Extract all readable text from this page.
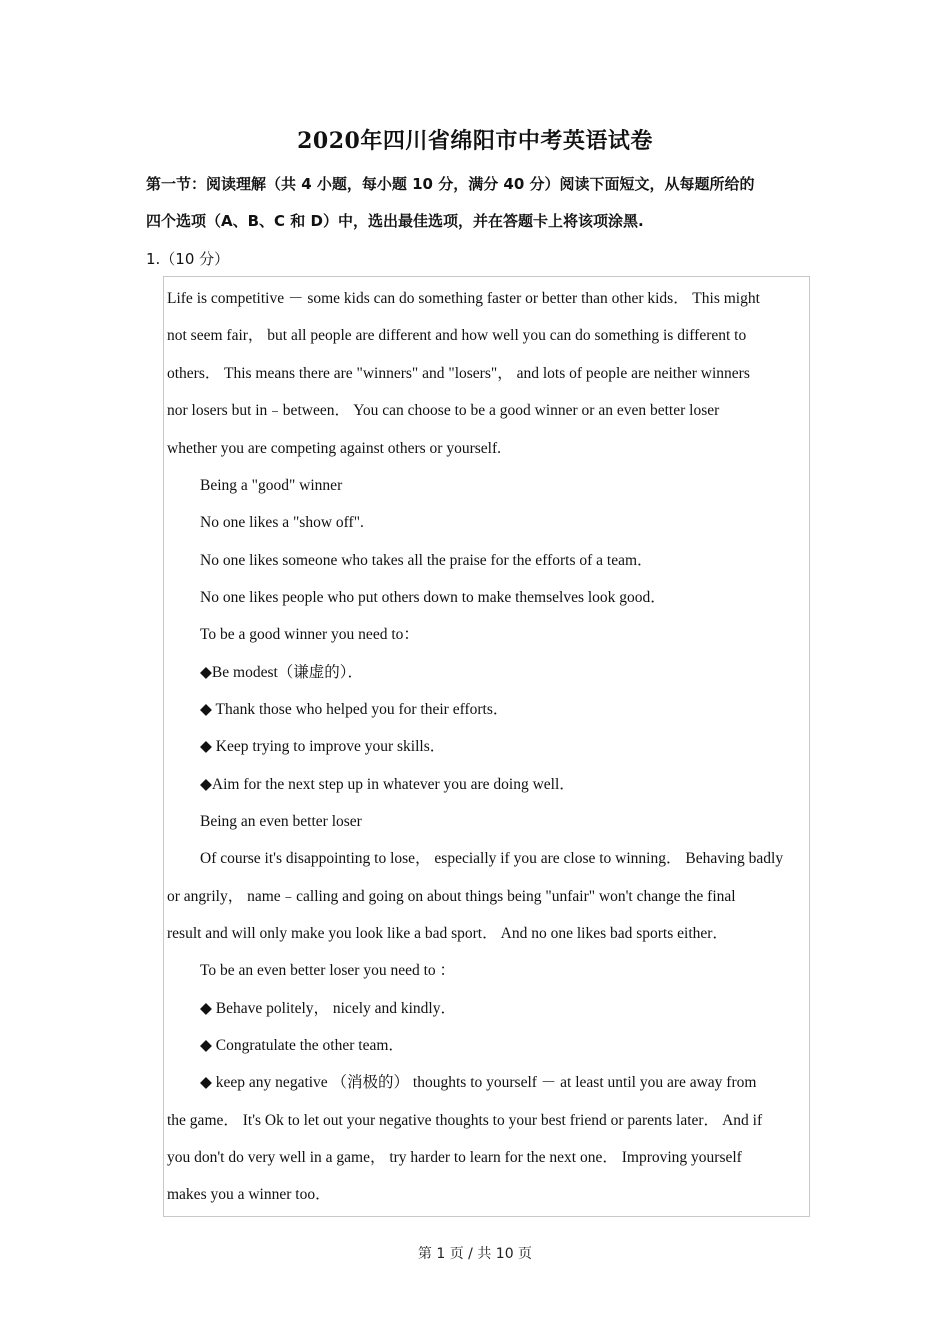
2020年四川省绵阳市中考英语试卷
第一节：阅读理解（共 4 小题，每小题 10 分，满分 40 分）阅读下面短文，从每题所给的
四个选项（A、B、C 和 D）中，选出最佳选项，并在答题卡上将该项涂黑.
1.（10 分）
Life is competitive － some kids can do something faster or better than other kids． This might
not seem fair， but all people are different and how well you can do something is different to
others． This means there are "winners" and "losers"， and lots of people are neither winners
nor losers but in﹣between． You can choose to be a good winner or an even better loser
whether you are competing against others or yourself.
Being a "good" winner
No one likes a "show off".
No one likes someone who takes all the praise for the efforts of a team．
No one likes people who put others down to make themselves look good．
To be a good winner you need to：
◆Be modest（谦虚的）．
◆ Thank those who helped you for their efforts．
◆ Keep trying to improve your skills．
◆Aim for the next step up in whatever you are doing well．
Being an even better loser
Of course it's disappointing to lose， especially if you are close to winning． Behaving badly
or angrily， name﹣calling and going on about things being "unfair" won't change the final
result and will only make you look like a bad sport． And no one likes bad sports either．
To be an even better loser you need to ：
◆ Behave politely， nicely and kindly．
◆ Congratulate the other team．
◆ keep any negative （消极的） thoughts to yourself － at least until you are away from
the game． It's Ok to let out your negative thoughts to your best friend or parents later． And if
you don't do very well in a game， try harder to learn for the next one． Improving yourself
makes you a winner too．
第 1 页 / 共 10 页
